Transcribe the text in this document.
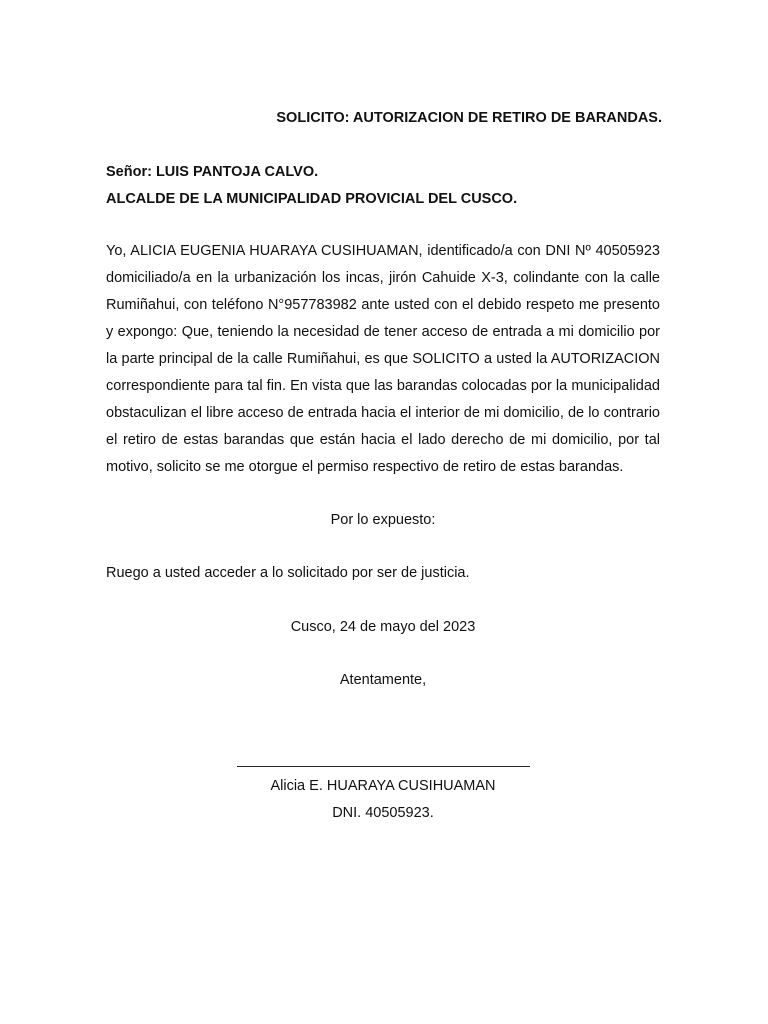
SOLICITO: AUTORIZACION DE RETIRO DE BARANDAS.
Señor: LUIS PANTOJA CALVO.
ALCALDE DE LA MUNICIPALIDAD PROVICIAL DEL CUSCO.

Yo, ALICIA EUGENIA HUARAYA CUSIHUAMAN, identificado/a con DNI Nº 40505923 domiciliado/a en la urbanización los incas, jirón Cahuide X-3, colindante con la calle Rumiñahui, con teléfono N°957783982 ante usted con el debido respeto me presento y expongo: Que, teniendo la necesidad de tener acceso de entrada a mi domicilio por la parte principal de la calle Rumiñahui, es que SOLICITO a usted la AUTORIZACION correspondiente para tal fin. En vista que las barandas colocadas por la municipalidad obstaculizan el libre acceso de entrada hacia el interior de mi domicilio, de lo contrario el retiro de estas barandas que están hacia el lado derecho de mi domicilio, por tal motivo, solicito se me otorgue el permiso respectivo de retiro de estas barandas.

Por lo expuesto:
Ruego a usted acceder a lo solicitado por ser de justicia.
Cusco, 24 de mayo del 2023
Atentamente,
Alicia E. HUARAYA CUSIHUAMAN
DNI. 40505923.
